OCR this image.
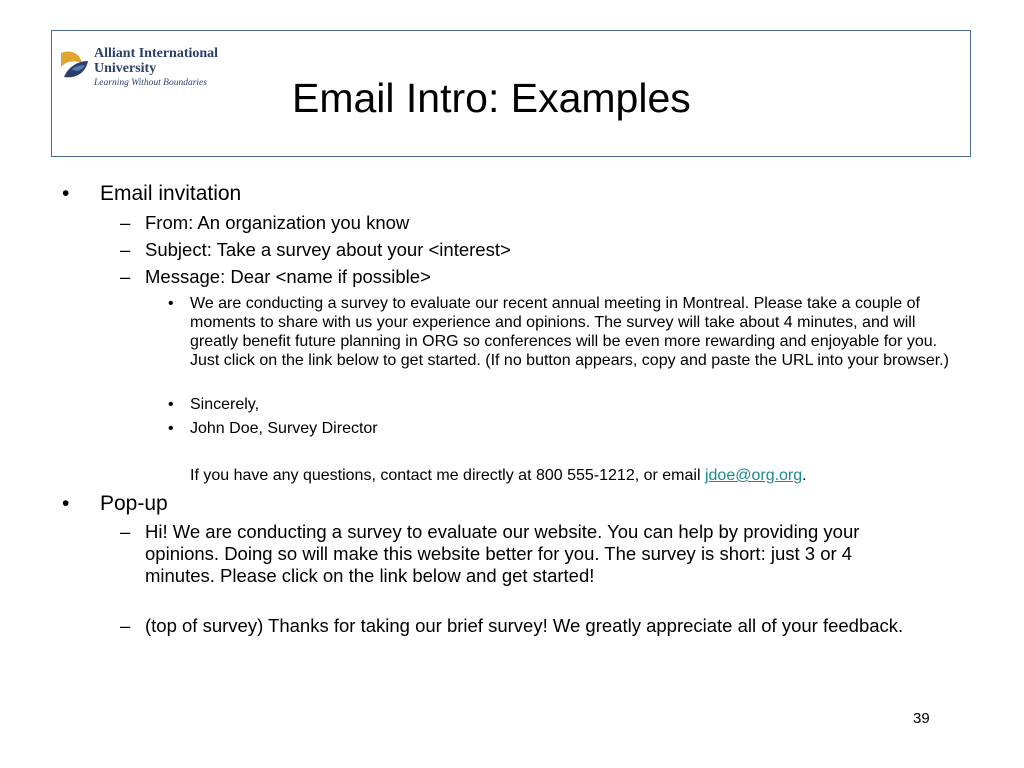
Alliant International
University
Learning Without Boundaries Email Intro: Examples
• Email invitation
– From: An organization you know
– Subject: Take a survey about your <interest>
– Message: Dear <name if possible>
• We are conducting a survey to evaluate our recent annual meeting in Montreal. Please take a couple of moments to share with us your experience and opinions. The survey will take about 4 minutes, and will greatly benefit future planning in ORG so conferences will be even more rewarding and enjoyable for you. Just click on the link below to get started. (If no button appears, copy and paste the URL into your browser.)
• Sincerely,
• John Doe, Survey Director
If you have any questions, contact me directly at 800 555-1212, or email jdoe@org.org.
• Pop-up
– Hi! We are conducting a survey to evaluate our website. You can help by providing your opinions. Doing so will make this website better for you. The survey is short: just 3 or 4 minutes. Please click on the link below and get started!
– (top of survey) Thanks for taking our brief survey! We greatly appreciate all of your feedback.
39
